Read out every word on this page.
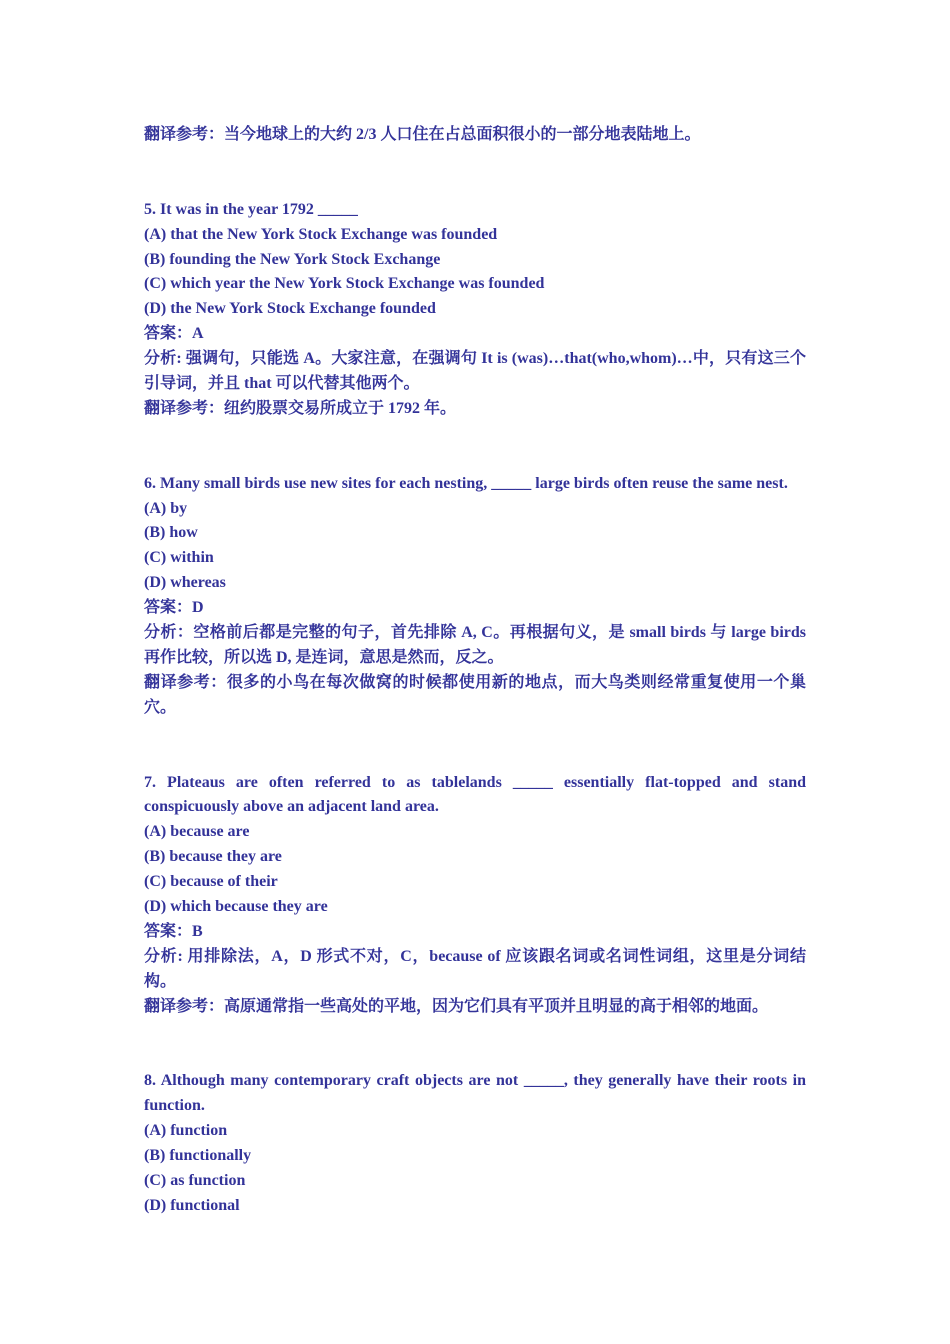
翻译参考：当今地球上的大约 2/3 人口住在占总面积很小的一部分地表陆地上。

5. It was in the year 1792 _____

(A) that the New York Stock Exchange was founded

(B) founding the New York Stock Exchange

(C) which year the New York Stock Exchange was founded

(D) the New York Stock Exchange founded

答案：A

分析: 强调句，只能选 A。大家注意，在强调句 It is (was)…that(who,whom)…中，只有这三个引导词，并且 that 可以代替其他两个。

翻译参考：纽约股票交易所成立于 1792 年。

6. Many small birds use new sites for each nesting, _____ large birds often reuse the same nest.

(A) by

(B) how

(C) within

(D) whereas

答案：D

分析：空格前后都是完整的句子，首先排除 A, C。再根据句义，是 small birds 与 large birds 再作比较，所以选 D, 是连词，意思是然而，反之。

翻译参考：很多的小鸟在每次做窝的时候都使用新的地点，而大鸟类则经常重复使用一个巢穴。

7. Plateaus are often referred to as tablelands _____ essentially flat-topped and stand conspicuously above an adjacent land area.

(A) because are

(B) because they are

(C) because of their

(D) which because they are

答案：B

分析: 用排除法，A，D 形式不对，C，because of 应该跟名词或名词性词组，这里是分词结构。

翻译参考：高原通常指一些高处的平地，因为它们具有平顶并且明显的高于相邻的地面。

8. Although many contemporary craft objects are not _____, they generally have their roots in function.

(A) function

(B) functionally

(C) as function

(D) functional
